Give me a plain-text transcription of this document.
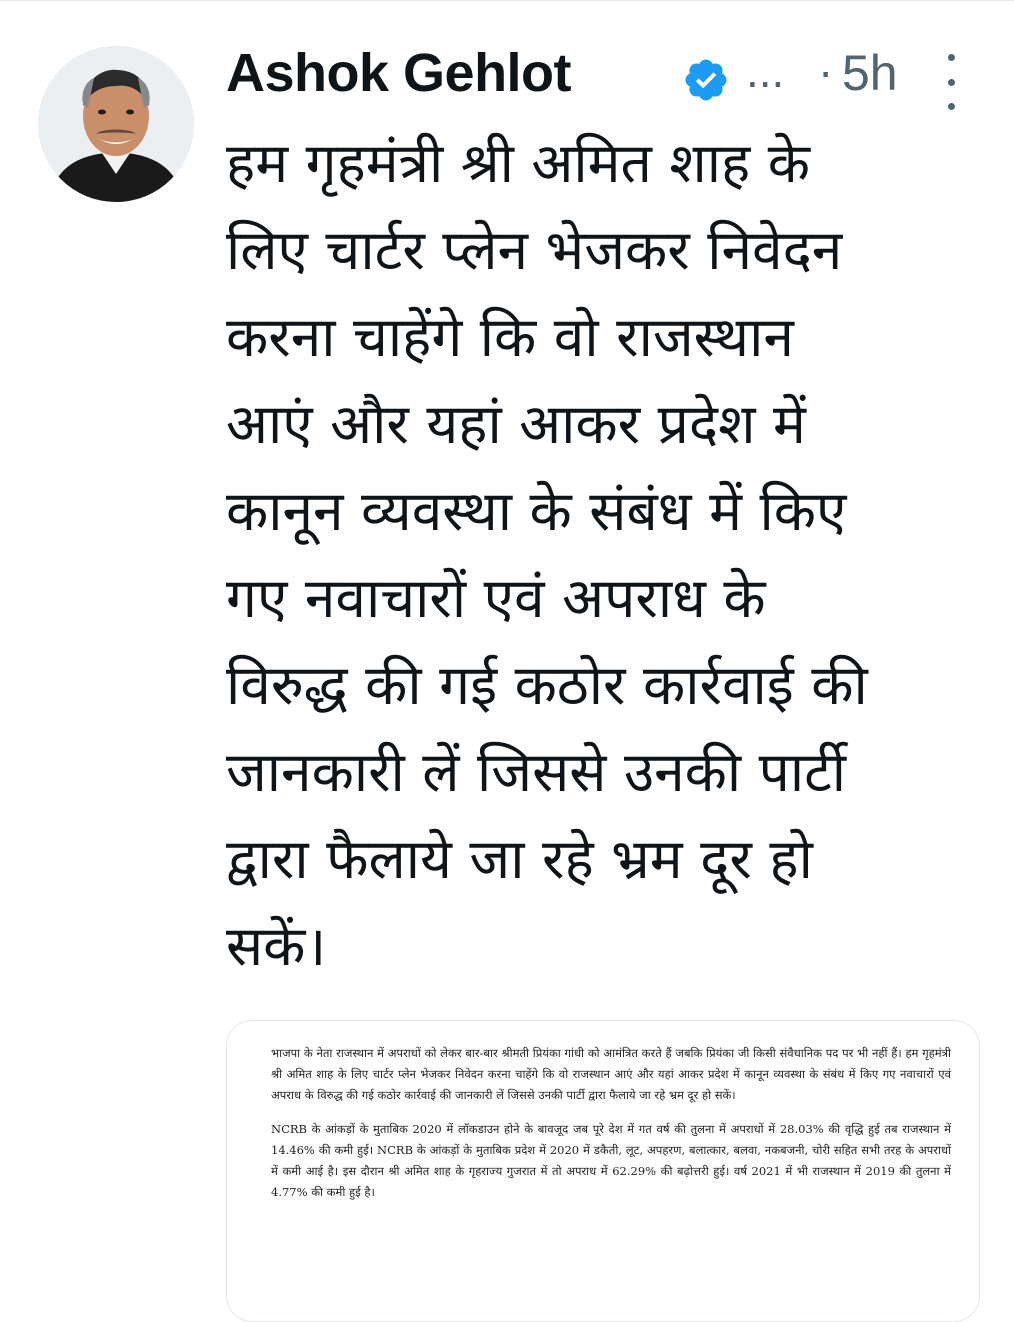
Ashok Gehlot	... · 5h
हम गृहमंत्री श्री अमित शाह के
लिए चार्टर प्लेन भेजकर निवेदन
करना चाहेंगे कि वो राजस्थान
आएं और यहां आकर प्रदेश में
कानून व्यवस्था के संबंध में किए
गए नवाचारों एवं अपराध के
विरुद्ध की गई कठोर कार्रवाई की
जानकारी लें जिससे उनकी पार्टी
द्वारा फैलाये जा रहे भ्रम दूर हो
सकें।

भाजपा के नेता राजस्थान में अपराधों को लेकर बार-बार श्रीमती प्रियंका गांधी को आमंत्रित करते हैं जबकि प्रियंका जी किसी संवैधानिक पद पर भी नहीं हैं। हम गृहमंत्री श्री अमित शाह के लिए चार्टर प्लेन भेजकर निवेदन करना चाहेंगे कि वो राजस्थान आएं और यहां आकर प्रदेश में कानून व्यवस्था के संबंध में किए गए नवाचारों एवं अपराध के विरुद्ध की गई कठोर कार्रवाई की जानकारी लें जिससे उनकी पार्टी द्वारा फैलाये जा रहे भ्रम दूर हो सकें।

NCRB के आंकड़ों के मुताबिक 2020 में लॉकडाउन होने के बावजूद जब पूरे देश में गत वर्ष की तुलना में अपराधों में 28.03% की वृद्धि हुई तब राजस्थान में 14.46% की कमी हुई। NCRB के आंकड़ों के मुताबिक प्रदेश में 2020 में डकैती, लूट, अपहरण, बलात्कार, बलवा, नकबजनी, चोरी सहित सभी तरह के अपराधों में कमी आई है। इस दौरान श्री अमित शाह के गृहराज्य गुजरात में तो अपराध में 62.29% की बढ़ोत्तरी हुई। वर्ष 2021 में भी राजस्थान में 2019 की तुलना में 4.77% की कमी हुई है।
